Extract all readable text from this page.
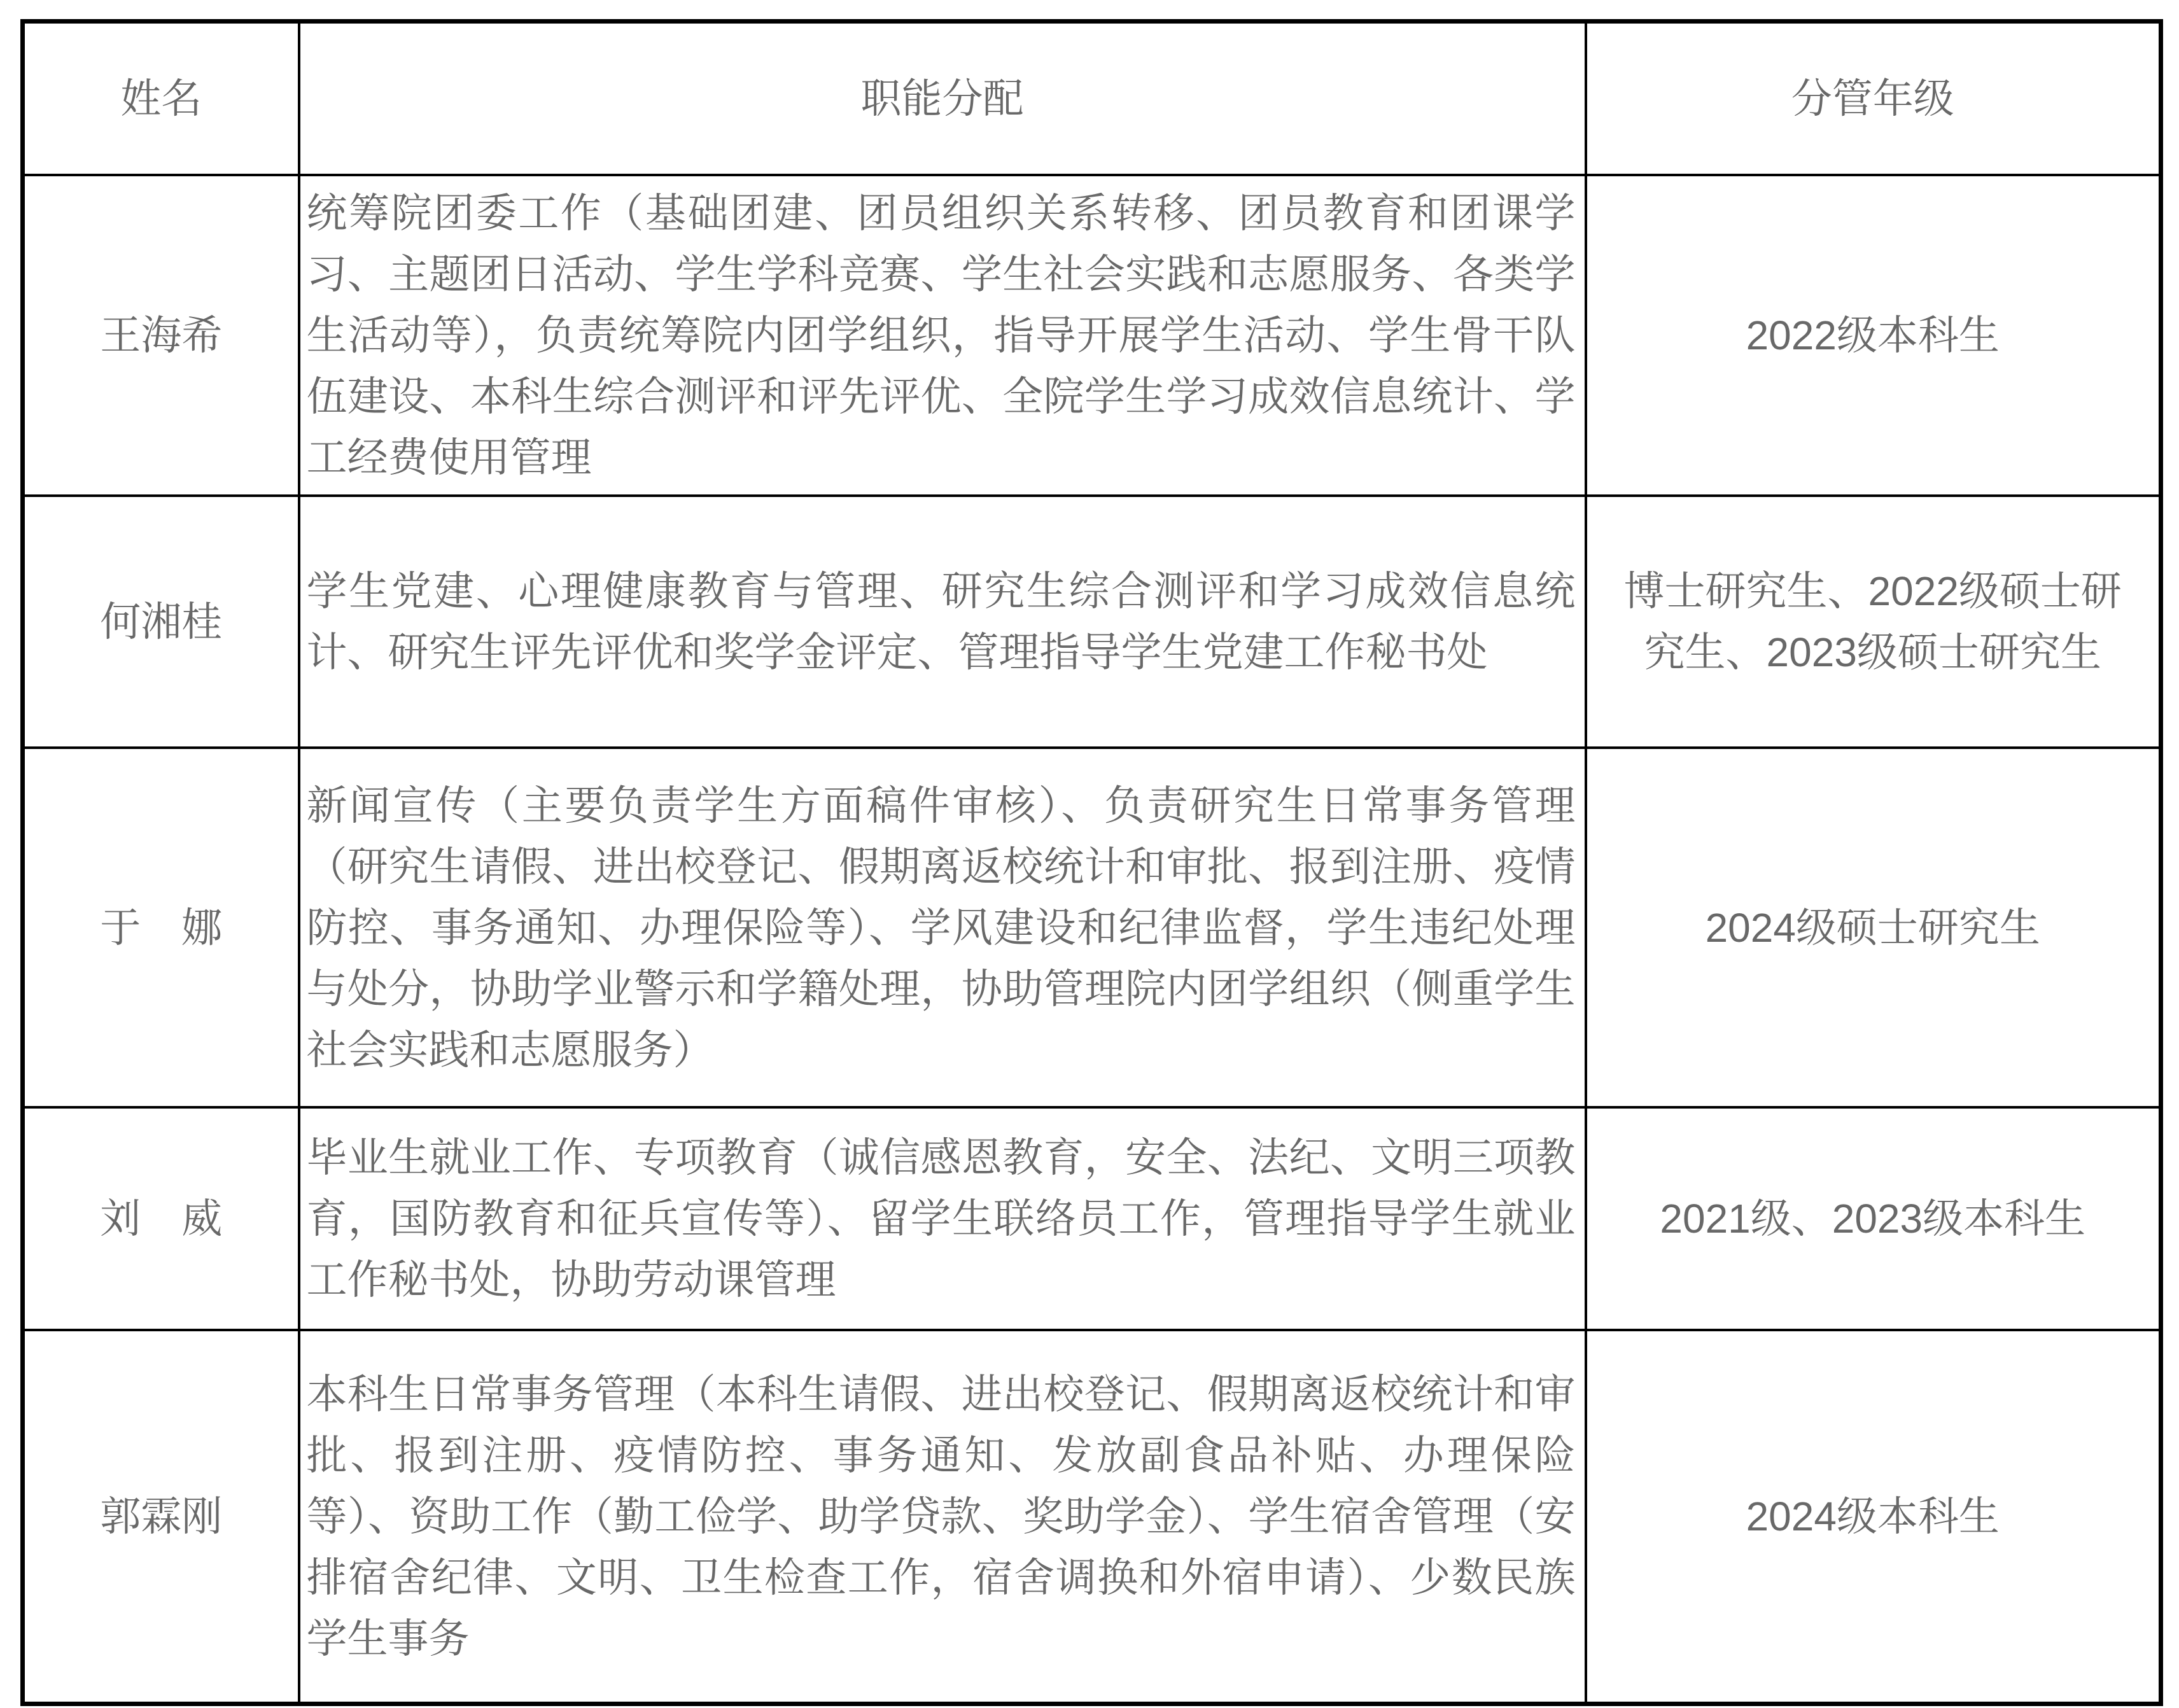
姓名	职能分配	分管年级
王海希	统筹院团委工作（基础团建、团员组织关系转移、团员教育和团课学习、主题团日活动、学生学科竞赛、学生社会实践和志愿服务、各类学生活动等），负责统筹院内团学组织，指导开展学生活动、学生骨干队伍建设、本科生综合测评和评先评优、全院学生学习成效信息统计、学工经费使用管理	2022级本科生
何湘桂	学生党建、心理健康教育与管理、研究生综合测评和学习成效信息统计、研究生评先评优和奖学金评定、管理指导学生党建工作秘书处	博士研究生、2022级硕士研究生、2023级硕士研究生
于　娜	新闻宣传（主要负责学生方面稿件审核）、负责研究生日常事务管理（研究生请假、进出校登记、假期离返校统计和审批、报到注册、疫情防控、事务通知、办理保险等）、学风建设和纪律监督，学生违纪处理与处分，协助学业警示和学籍处理，协助管理院内团学组织（侧重学生社会实践和志愿服务）	2024级硕士研究生
刘　威	毕业生就业工作、专项教育（诚信感恩教育，安全、法纪、文明三项教育，国防教育和征兵宣传等）、留学生联络员工作，管理指导学生就业工作秘书处，协助劳动课管理	2021级、2023级本科生
郭霖刚	本科生日常事务管理（本科生请假、进出校登记、假期离返校统计和审批、报到注册、疫情防控、事务通知、发放副食品补贴、办理保险等）、资助工作（勤工俭学、助学贷款、奖助学金）、学生宿舍管理（安排宿舍纪律、文明、卫生检查工作，宿舍调换和外宿申请）、少数民族学生事务	2024级本科生
